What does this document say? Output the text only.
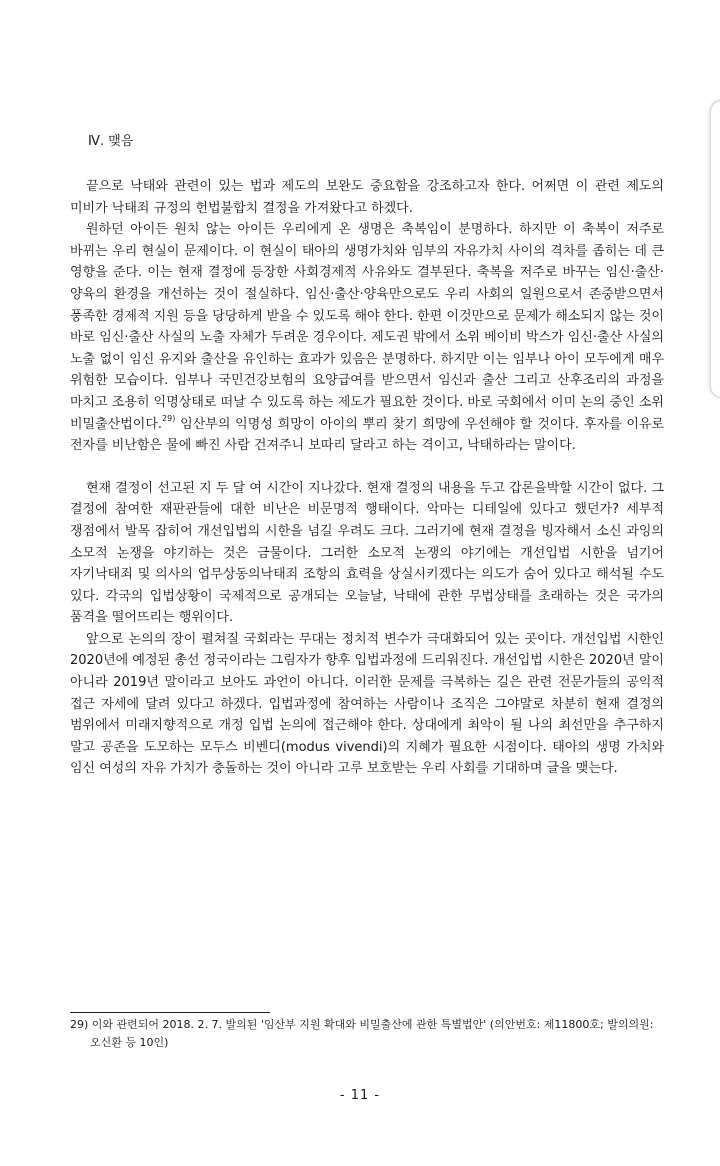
Ⅳ. 맺음

끝으로 낙태와 관련이 있는 법과 제도의 보완도 중요함을 강조하고자 한다. 어쩌면 이 관련 제도의 미비가 낙태죄 규정의 헌법불합치 결정을 가져왔다고 하겠다.

원하던 아이든 원치 않는 아이든 우리에게 온 생명은 축복임이 분명하다. 하지만 이 축복이 저주로 바뀌는 우리 현실이 문제이다. 이 현실이 태아의 생명가치와 임부의 자유가치 사이의 격차를 좁히는 데 큰 영향을 준다. 이는 현재 결정에 등장한 사회경제적 사유와도 결부된다. 축복을 저주로 바꾸는 임신·출산·양육의 환경을 개선하는 것이 절실하다. 임신·출산·양육만으로도 우리 사회의 일원으로서 존중받으면서 풍족한 경제적 지원 등을 당당하게 받을 수 있도록 해야 한다. 한편 이것만으로 문제가 해소되지 않는 것이 바로 임신·출산 사실의 노출 자체가 두려운 경우이다. 제도권 밖에서 소위 베이비 박스가 임신·출산 사실의 노출 없이 임신 유지와 출산을 유인하는 효과가 있음은 분명하다. 하지만 이는 임부나 아이 모두에게 매우 위험한 모습이다. 임부나 국민건강보험의 요양급여를 받으면서 임신과 출산 그리고 산후조리의 과정을 마치고 조용히 익명상태로 떠날 수 있도록 하는 제도가 필요한 것이다. 바로 국회에서 이미 논의 중인 소위 비밀출산법이다.$^{29)}$ 임산부의 익명성 희망이 아이의 뿌리 찾기 희망에 우선해야 할 것이다. 후자를 이유로 전자를 비난함은 물에 빠진 사람 건져주니 보따리 달라고 하는 격이고, 낙태하라는 말이다.

현재 결정이 선고된 지 두 달 여 시간이 지나갔다. 현재 결정의 내용을 두고 갑론을박할 시간이 없다. 그 결정에 참여한 재판관들에 대한 비난은 비문명적 행태이다. 악마는 디테일에 있다고 했던가? 세부적 쟁점에서 발목 잡히어 개선입법의 시한을 넘길 우려도 크다. 그러기에 현재 결정을 빙자해서 소신 과잉의 소모적 논쟁을 야기하는 것은 금물이다. 그러한 소모적 논쟁의 야기에는 개선입법 시한을 넘기어 자기낙태죄 및 의사의 업무상동의낙태죄 조항의 효력을 상실시키겠다는 의도가 숨어 있다고 해석될 수도 있다. 각국의 입법상황이 국제적으로 공개되는 오늘날, 낙태에 관한 무법상태를 초래하는 것은 국가의 품격을 떨어뜨리는 행위이다.

앞으로 논의의 장이 펼쳐질 국회라는 무대는 정치적 변수가 극대화되어 있는 곳이다. 개선입법 시한인 2020년에 예정된 총선 정국이라는 그림자가 향후 입법과정에 드리워진다. 개선입법 시한은 2020년 말이 아니라 2019년 말이라고 보아도 과언이 아니다. 이러한 문제를 극복하는 길은 관련 전문가들의 공익적 접근 자세에 달려 있다고 하겠다. 입법과정에 참여하는 사람이나 조직은 그야말로 차분히 현재 결정의 범위에서 미래지향적으로 개정 입법 논의에 접근해야 한다. 상대에게 최악이 될 나의 최선만을 추구하지 말고 공존을 도모하는 모두스 비벤디(modus vivendi)의 지혜가 필요한 시점이다. 태아의 생명 가치와 임신 여성의 자유 가치가 충돌하는 것이 아니라 고루 보호받는 우리 사회를 기대하며 글을 맺는다.

29) 이와 관련되어 2018. 2. 7. 발의된 '임산부 지원 확대와 비밀출산에 관한 특별법안' (의안번호: 제11800호; 발의의원: 오신환 등 10인)
- 11 -
